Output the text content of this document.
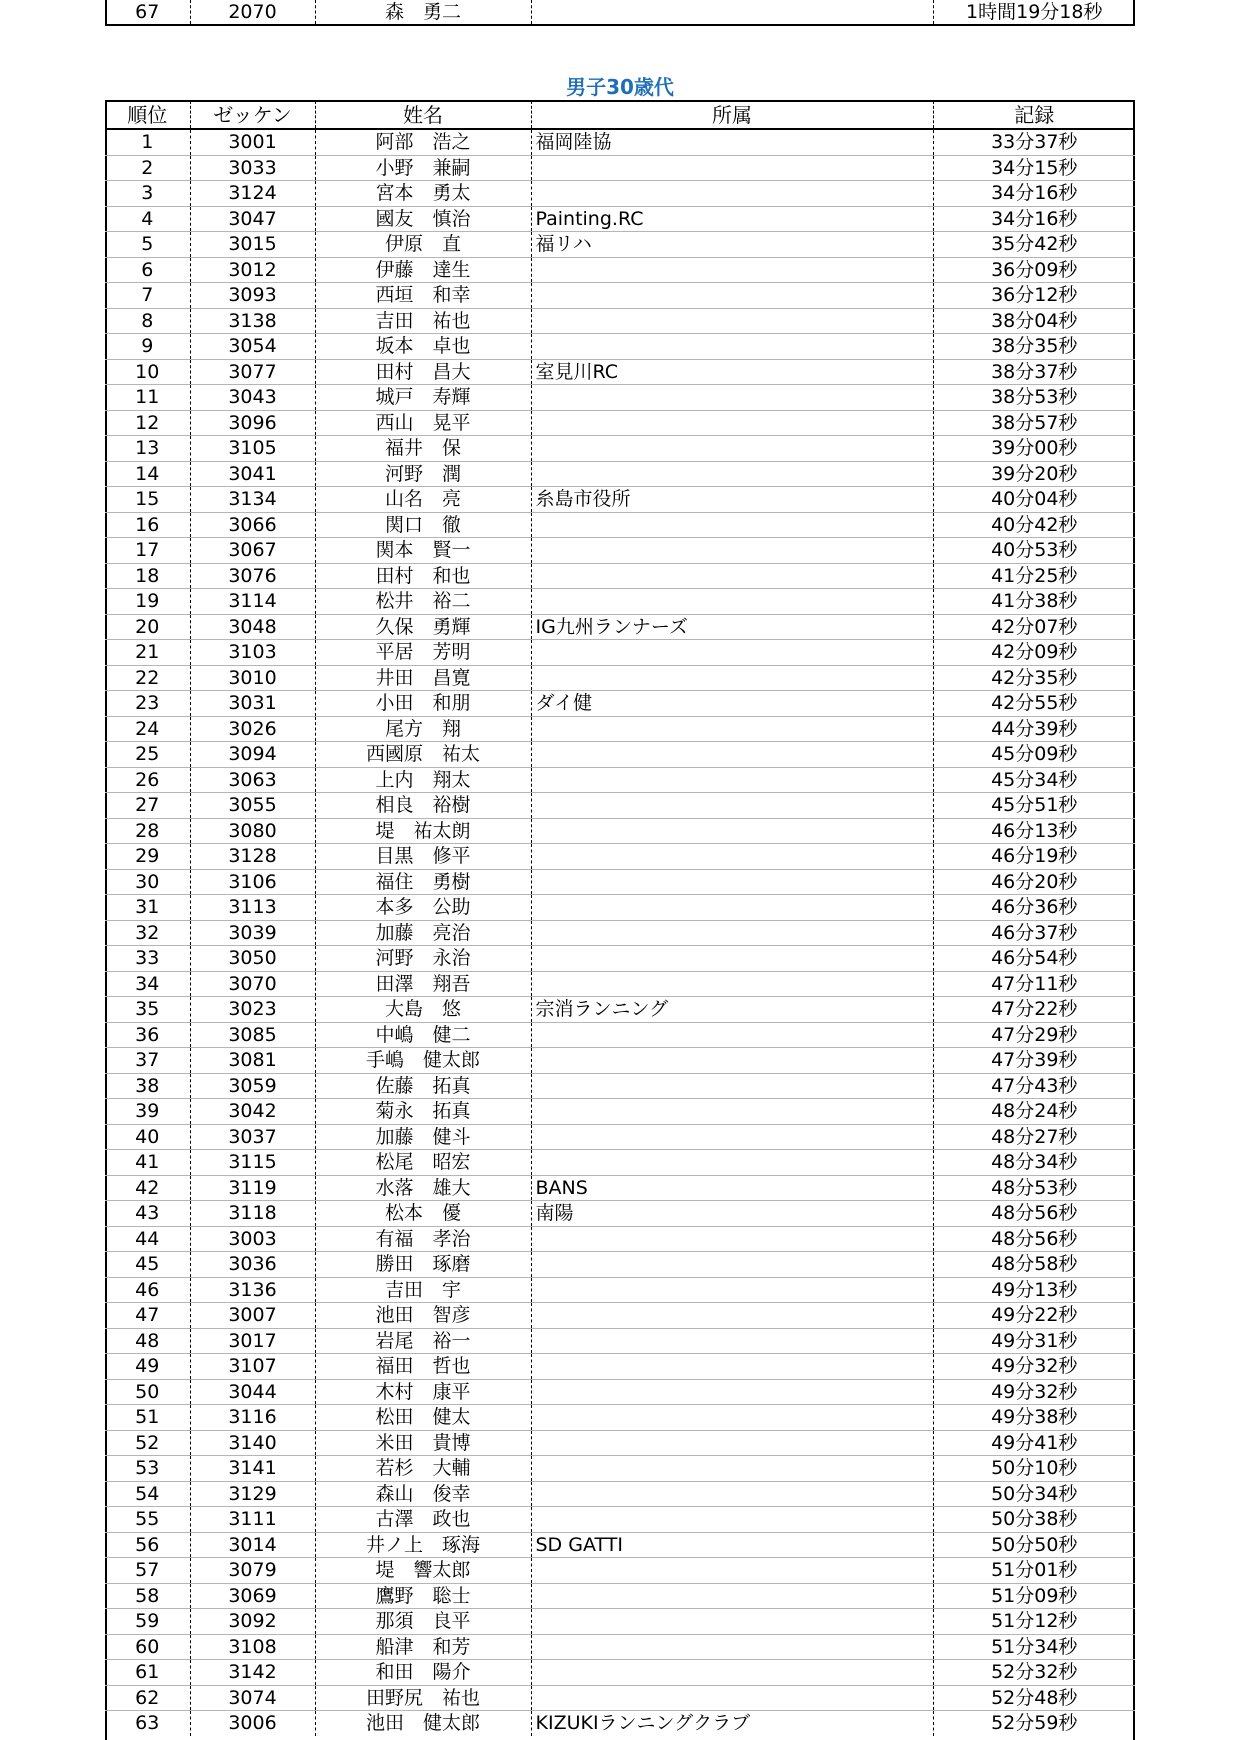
67	2070	森　勇二		1時間19分18秒
男子30歳代
順位	ゼッケン	姓名	所属	記録
1	3001	阿部　浩之	福岡陸協	33分37秒
2	3033	小野　兼嗣		34分15秒
3	3124	宮本　勇太		34分16秒
4	3047	國友　慎治	Painting.RC	34分16秒
5	3015	伊原　直	福リハ	35分42秒
6	3012	伊藤　達生		36分09秒
7	3093	西垣　和幸		36分12秒
8	3138	吉田　祐也		38分04秒
9	3054	坂本　卓也		38分35秒
10	3077	田村　昌大	室見川RC	38分37秒
11	3043	城戸　寿輝		38分53秒
12	3096	西山　晃平		38分57秒
13	3105	福井　保		39分00秒
14	3041	河野　潤		39分20秒
15	3134	山名　亮	糸島市役所	40分04秒
16	3066	関口　徹		40分42秒
17	3067	関本　賢一		40分53秒
18	3076	田村　和也		41分25秒
19	3114	松井　裕二		41分38秒
20	3048	久保　勇輝	IG九州ランナーズ	42分07秒
21	3103	平居　芳明		42分09秒
22	3010	井田　昌寛		42分35秒
23	3031	小田　和朋	ダイ健	42分55秒
24	3026	尾方　翔		44分39秒
25	3094	西國原　祐太		45分09秒
26	3063	上内　翔太		45分34秒
27	3055	相良　裕樹		45分51秒
28	3080	堤　祐太朗		46分13秒
29	3128	目黒　修平		46分19秒
30	3106	福住　勇樹		46分20秒
31	3113	本多　公助		46分36秒
32	3039	加藤　亮治		46分37秒
33	3050	河野　永治		46分54秒
34	3070	田澤　翔吾		47分11秒
35	3023	大島　悠	宗消ランニング	47分22秒
36	3085	中嶋　健二		47分29秒
37	3081	手嶋　健太郎		47分39秒
38	3059	佐藤　拓真		47分43秒
39	3042	菊永　拓真		48分24秒
40	3037	加藤　健斗		48分27秒
41	3115	松尾　昭宏		48分34秒
42	3119	水落　雄大	BANS	48分53秒
43	3118	松本　優	南陽	48分56秒
44	3003	有福　孝治		48分56秒
45	3036	勝田　琢磨		48分58秒
46	3136	吉田　宇		49分13秒
47	3007	池田　智彦		49分22秒
48	3017	岩尾　裕一		49分31秒
49	3107	福田　哲也		49分32秒
50	3044	木村　康平		49分32秒
51	3116	松田　健太		49分38秒
52	3140	米田　貴博		49分41秒
53	3141	若杉　大輔		50分10秒
54	3129	森山　俊幸		50分34秒
55	3111	古澤　政也		50分38秒
56	3014	井ノ上　琢海	SD GATTI	50分50秒
57	3079	堤　響太郎		51分01秒
58	3069	鷹野　聡士		51分09秒
59	3092	那須　良平		51分12秒
60	3108	船津　和芳		51分34秒
61	3142	和田　陽介		52分32秒
62	3074	田野尻　祐也		52分48秒
63	3006	池田　健太郎	KIZUKIランニングクラブ	52分59秒
